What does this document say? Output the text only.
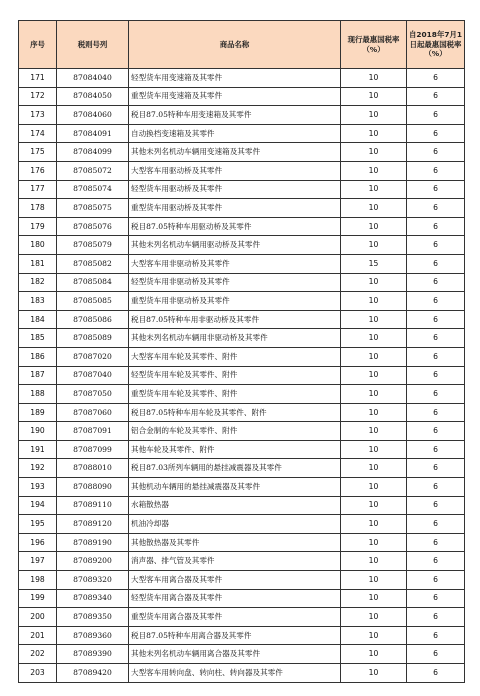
序号	税则号列	商品名称	现行最惠国税率（%）	自2018年7月1日起最惠国税率（%）
171	87084040	轻型货车用变速箱及其零件	10	6
172	87084050	重型货车用变速箱及其零件	10	6
173	87084060	税目87.05特种车用变速箱及其零件	10	6
174	87084091	自动换档变速箱及其零件	10	6
175	87084099	其他未列名机动车辆用变速箱及其零件	10	6
176	87085072	大型客车用驱动桥及其零件	10	6
177	87085074	轻型货车用驱动桥及其零件	10	6
178	87085075	重型货车用驱动桥及其零件	10	6
179	87085076	税目87.05特种车用驱动桥及其零件	10	6
180	87085079	其他未列名机动车辆用驱动桥及其零件	10	6
181	87085082	大型客车用非驱动桥及其零件	15	6
182	87085084	轻型货车用非驱动桥及其零件	10	6
183	87085085	重型货车用非驱动桥及其零件	10	6
184	87085086	税目87.05特种车用非驱动桥及其零件	10	6
185	87085089	其他未列名机动车辆用非驱动桥及其零件	10	6
186	87087020	大型客车用车轮及其零件、附件	10	6
187	87087040	轻型货车用车轮及其零件、附件	10	6
188	87087050	重型货车用车轮及其零件、附件	10	6
189	87087060	税目87.05特种车用车轮及其零件、附件	10	6
190	87087091	铝合金制的车轮及其零件、附件	10	6
191	87087099	其他车轮及其零件、附件	10	6
192	87088010	税目87.03所列车辆用的悬挂减震器及其零件	10	6
193	87088090	其他机动车辆用的悬挂减震器及其零件	10	6
194	87089110	水箱散热器	10	6
195	87089120	机油冷却器	10	6
196	87089190	其他散热器及其零件	10	6
197	87089200	消声器、排气管及其零件	10	6
198	87089320	大型客车用离合器及其零件	10	6
199	87089340	轻型货车用离合器及其零件	10	6
200	87089350	重型货车用离合器及其零件	10	6
201	87089360	税目87.05特种车用离合器及其零件	10	6
202	87089390	其他未列名机动车辆用离合器及其零件	10	6
203	87089420	大型客车用转向盘、转向柱、转向器及其零件	10	6
